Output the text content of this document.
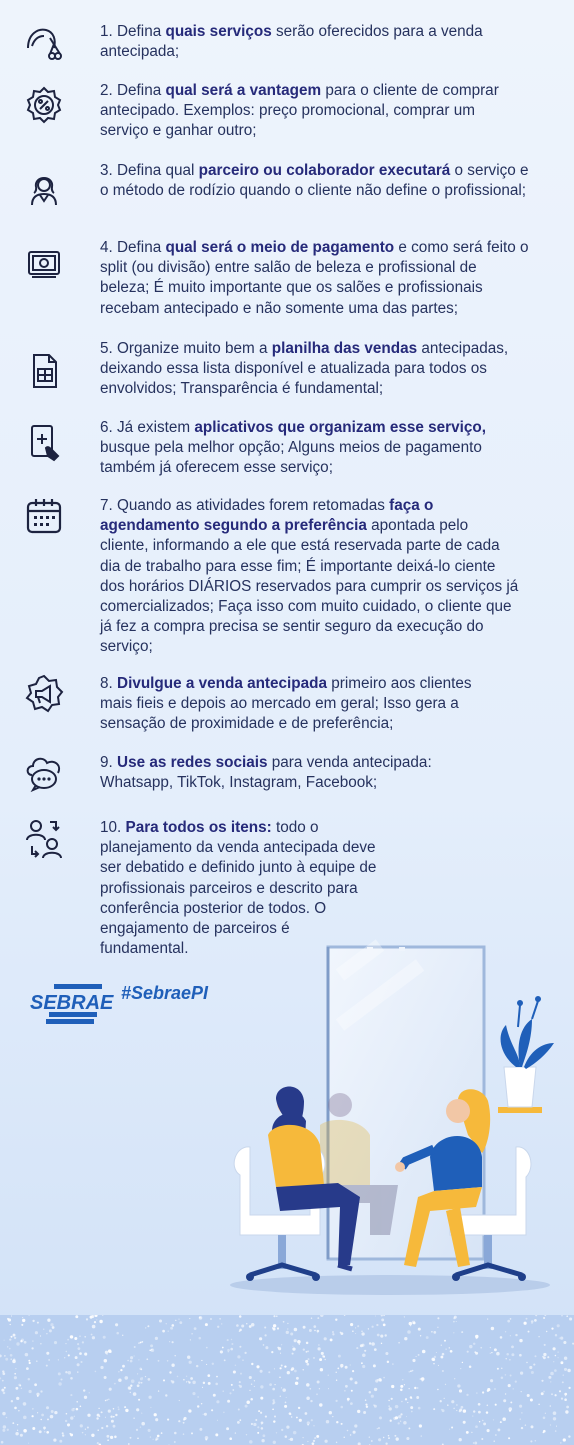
1. Defina quais serviços serão oferecidos para a venda antecipada;
2. Defina qual será a vantagem para o cliente de comprar antecipado. Exemplos: preço promocional, comprar um serviço e ganhar outro;
3. Defina qual parceiro ou colaborador executará o serviço e o método de rodízio quando o cliente não define o profissional;
4. Defina qual será o meio de pagamento e como será feito o split (ou divisão) entre salão de beleza e profissional de beleza; É muito importante que os salões e profissionais recebam antecipado e não somente uma das partes;
5. Organize muito bem a planilha das vendas antecipadas, deixando essa lista disponível e atualizada para todos os envolvidos; Transparência é fundamental;
6. Já existem aplicativos que organizam esse serviço, busque pela melhor opção; Alguns meios de pagamento também já oferecem esse serviço;
7. Quando as atividades forem retomadas faça o agendamento segundo a preferência apontada pelo cliente, informando a ele que está reservada parte de cada dia de trabalho para esse fim; É importante deixá-lo ciente dos horários DIÁRIOS reservados para cumprir os serviços já comercializados; Faça isso com muito cuidado, o cliente que já fez a compra precisa se sentir seguro da execução do serviço;
8. Divulgue a venda antecipada primeiro aos clientes mais fieis e depois ao mercado em geral; Isso gera a sensação de proximidade e de preferência;
9. Use as redes sociais para venda antecipada: Whatsapp, TikTok, Instagram, Facebook;
10. Para todos os itens: todo o planejamento da venda antecipada deve ser debatido e definido junto à equipe de profissionais parceiros e descrito para conferência posterior de todos. O engajamento de parceiros é fundamental.
SEBRAE #SebraePI
